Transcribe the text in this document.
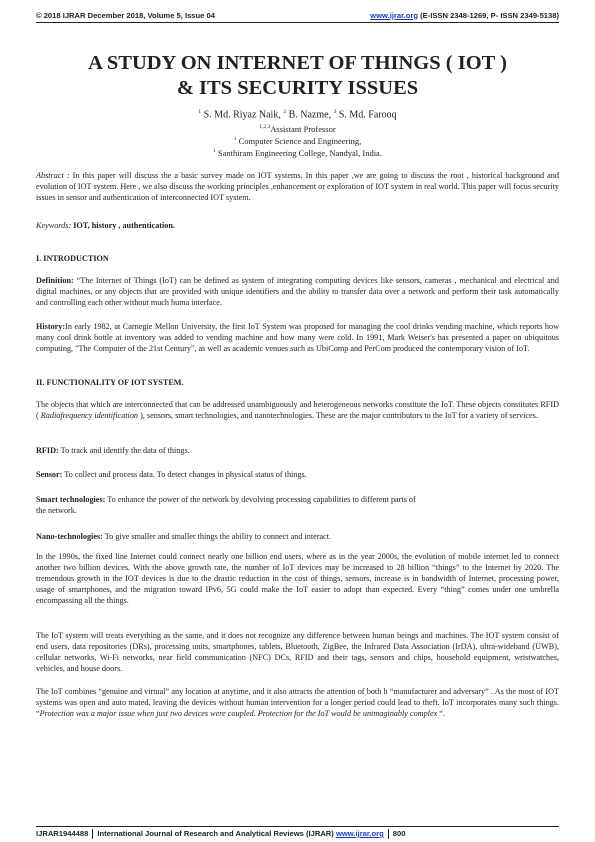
© 2018 IJRAR December 2018, Volume 5, Issue 04	www.ijrar.org (E-ISSN 2348-1269, P- ISSN 2349-5138)
A STUDY ON INTERNET OF THINGS ( IOT )
& ITS SECURITY ISSUES
$^1$ S. Md. Riyaz Naik, $^2$ B. Nazme, $^3$ S. Md. Farooq
$^{1,2,3}$Assistant Professor
$^1$ Computer Science and Engineering,
$^1$ Santhiram Engineering College, Nandyal, India.
Abstract : In this paper will discuss the a basic survey made on IOT systems. In this paper ,we are going to discuss the root , historical background and evolution of IOT system. Here , we also discuss the working principles ,enhancement or exploration of IOT system in real world. This paper will focus security issues in sensor and authentication of interconnected IOT system.
Keywords: IOT, history , authentication.
I. INTRODUCTION
Definition: “The Internet of Things (IoT) can be defined as system of integrating computing devices like sensors, cameras , mechanical and electrical and digital machines, or any objects that are provided with unique identifiers and the ability to transfer data over a network and perform their task automatically and controlling each other without much huma interface.
History:In early 1982, at Carnegie Mellon University, the first IoT System was proposed for managing the cool drinks vending machine, which reports how many cool drink bottle at inventory was added to vending machine and how many were cold. In 1991, Mark Weiser's has presented a paper on ubiquitous computing, "The Computer of the 21st Century", as well as academic venues such as UbiComp and PerCom produced the contemporary vision of IoT.
II. FUNCTIONALITY OF IOT SYSTEM.
The objects that which are interconnected that can be addressed unambiguously and heterogeneous networks constitute the IoT. These objects constitutes RFID ( Radiofrequency identification ), sensors, smart technologies, and nanotechnologies. These are the major contributors to the IoT for a variety of services.
RFID: To track and identify the data of things.
Sensor: To collect and process data. To detect changes in physical status of things.
Smart technologies: To enhance the power of the network by devolving processing capabilities to different parts of
the network.
Nano-technologies: To give smaller and smaller things the ability to connect and interact.
In the 1990s, the fixed line Internet could connect nearly one billion end users, where as in the year 2000s, the evolution of mobile internet led to connect another two billion devices. With the above growth rate, the number of IoT devices may be increased to 28 billion “things” to the Internet by 2020. The tremendous growth in the IOT devices is due to the drastic reduction in the cost of things, sensors, increase is in bandwidth of Internet, processing power, usage of smartphones, and the migration toward IPv6, 5G could make the IoT easier to adopt than expected. Every “thing” comes under one umbrella encompassing all the things.
The IoT system will treats everything as the same, and it does not recognize any difference between human beings and machines. The IOT system consist of end users, data repositories (DRs), processing units, smartphones, tablets, Bluetooth, ZigBee, the Infrared Data Association (IrDA), ultra-wideband (UWB), cellular networks, Wi-Fi networks, near field communication (NFC) DCs, RFID and their tags, sensors and chips, household equipment, wristwatches, vehicles, and house doors.
The IoT combines “genuine and virtual” any location at anytime, and it also attracts the attention of both h “manufacturer and adversary” . As the most of IOT systems was open and auto mated, leaving the devices without human intervention for a longer period could lead to theft. IoT incorporates many such things. “Protection was a major issue when just two devices were coupled. Protection for the IoT would be unimaginably complex “.
IJRAR1944488 International Journal of Research and Analytical Reviews (IJRAR) www.ijrar.org 800
